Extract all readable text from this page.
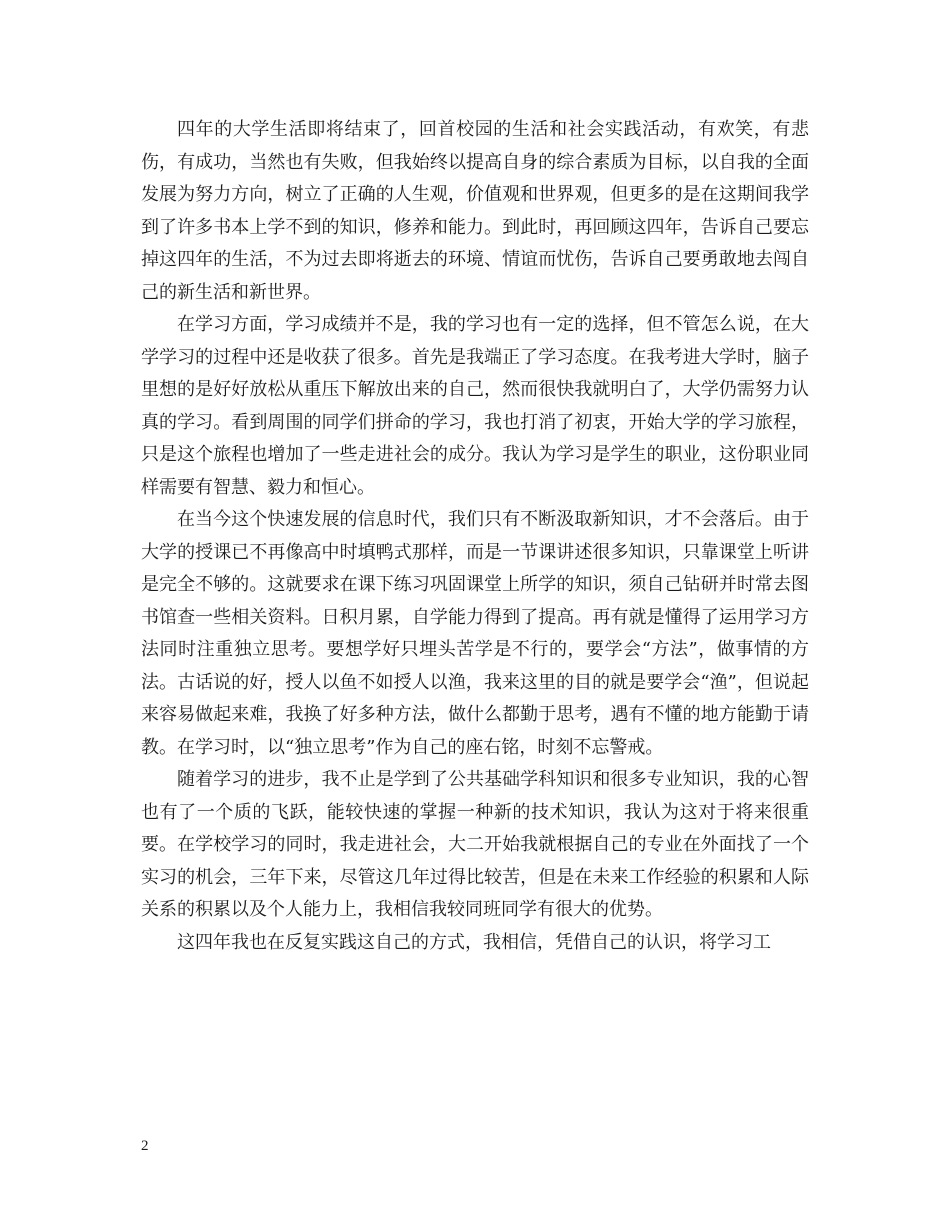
四年的大学生活即将结束了，回首校园的生活和社会实践活动，有欢笑，有悲伤，有成功，当然也有失败，但我始终以提高自身的综合素质为目标，以自我的全面发展为努力方向，树立了正确的人生观，价值观和世界观，但更多的是在这期间我学到了许多书本上学不到的知识，修养和能力。到此时，再回顾这四年，告诉自己要忘掉这四年的生活，不为过去即将逝去的环境、情谊而忧伤，告诉自己要勇敢地去闯自己的新生活和新世界。

在学习方面，学习成绩并不是，我的学习也有一定的选择，但不管怎么说，在大学学习的过程中还是收获了很多。首先是我端正了学习态度。在我考进大学时，脑子里想的是好好放松从重压下解放出来的自己，然而很快我就明白了，大学仍需努力认真的学习。看到周围的同学们拼命的学习，我也打消了初衷，开始大学的学习旅程，只是这个旅程也增加了一些走进社会的成分。我认为学习是学生的职业，这份职业同样需要有智慧、毅力和恒心。

在当今这个快速发展的信息时代，我们只有不断汲取新知识，才不会落后。由于大学的授课已不再像高中时填鸭式那样，而是一节课讲述很多知识，只靠课堂上听讲是完全不够的。这就要求在课下练习巩固课堂上所学的知识，须自己钻研并时常去图书馆查一些相关资料。日积月累，自学能力得到了提高。再有就是懂得了运用学习方法同时注重独立思考。要想学好只埋头苦学是不行的，要学会“方法”，做事情的方法。古话说的好，授人以鱼不如授人以渔，我来这里的目的就是要学会“渔”，但说起来容易做起来难，我换了好多种方法，做什么都勤于思考，遇有不懂的地方能勤于请教。在学习时，以“独立思考”作为自己的座右铭，时刻不忘警戒。

随着学习的进步，我不止是学到了公共基础学科知识和很多专业知识，我的心智也有了一个质的飞跃，能较快速的掌握一种新的技术知识，我认为这对于将来很重要。在学校学习的同时，我走进社会，大二开始我就根据自己的专业在外面找了一个实习的机会，三年下来，尽管这几年过得比较苦，但是在未来工作经验的积累和人际关系的积累以及个人能力上，我相信我较同班同学有很大的优势。

这四年我也在反复实践这自己的方式，我相信，凭借自己的认识，将学习工

2
